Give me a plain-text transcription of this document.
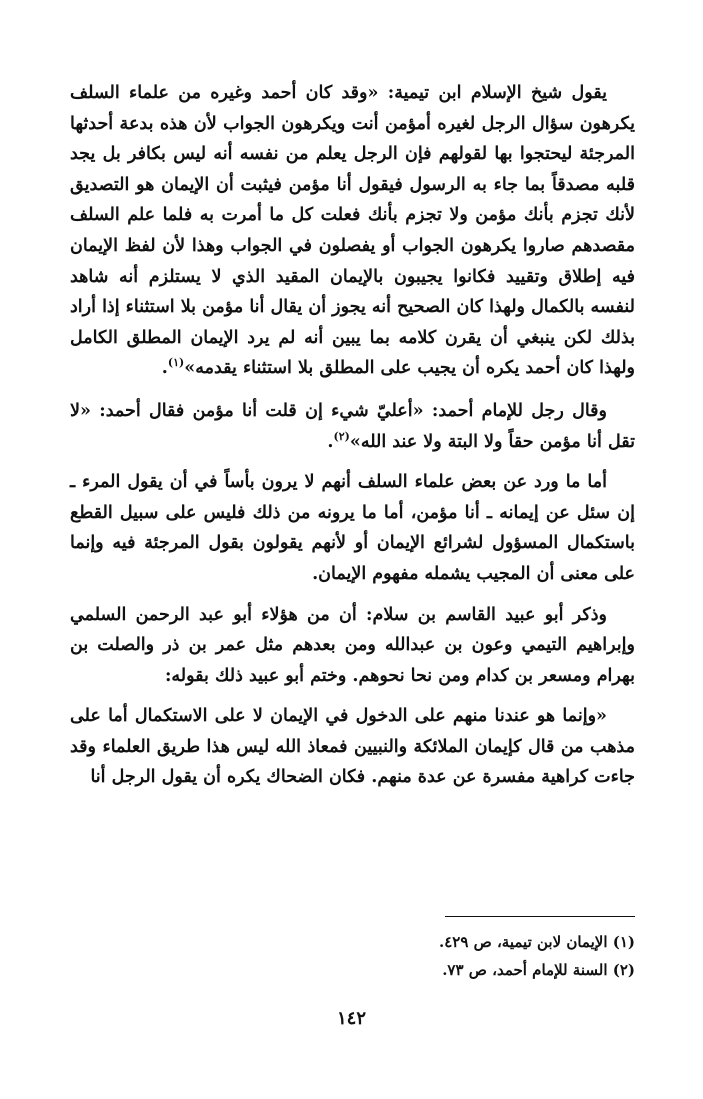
يقول شيخ الإسلام ابن تيمية: «وقد كان أحمد وغيره من علماء السلف يكرهون سؤال الرجل لغيره أمؤمن أنت ويكرهون الجواب لأن هذه بدعة أحدثها المرجئة ليحتجوا بها لقولهم فإن الرجل يعلم من نفسه أنه ليس بكافر بل يجد قلبه مصدقاً بما جاء به الرسول فيقول أنا مؤمن فيثبت أن الإيمان هو التصديق لأنك تجزم بأنك مؤمن ولا تجزم بأنك فعلت كل ما أمرت به فلما علم السلف مقصدهم صاروا يكرهون الجواب أو يفصلون في الجواب وهذا لأن لفظ الإيمان فيه إطلاق وتقييد فكانوا يجيبون بالإيمان المقيد الذي لا يستلزم أنه شاهد لنفسه بالكمال ولهذا كان الصحيح أنه يجوز أن يقال أنا مؤمن بلا استثناء إذا أراد بذلك لكن ينبغي أن يقرن كلامه بما يبين أنه لم يرد الإيمان المطلق الكامل ولهذا كان أحمد يكره أن يجيب على المطلق بلا استثناء يقدمه»$^{(١)}$.

وقال رجل للإمام أحمد: «أعليّ شيء إن قلت أنا مؤمن فقال أحمد: «لا تقل أنا مؤمن حقاً ولا البتة ولا عند الله»$^{(٢)}$.

أما ما ورد عن بعض علماء السلف أنهم لا يرون بأساً في أن يقول المرء ـ إن سئل عن إيمانه ـ أنا مؤمن، أما ما يرونه من ذلك فليس على سبيل القطع باستكمال المسؤول لشرائع الإيمان أو لأنهم يقولون بقول المرجئة فيه وإنما على معنى أن المجيب يشمله مفهوم الإيمان.

وذكر أبو عبيد القاسم بن سلام: أن من هؤلاء أبو عبد الرحمن السلمي وإبراهيم التيمي وعون بن عبدالله ومن بعدهم مثل عمر بن ذر والصلت بن بهرام ومسعر بن كدام ومن نحا نحوهم. وختم أبو عبيد ذلك بقوله:

«وإنما هو عندنا منهم على الدخول في الإيمان لا على الاستكمال أما على مذهب من قال كإيمان الملائكة والنبيين فمعاذ الله ليس هذا طريق العلماء وقد جاءت كراهية مفسرة عن عدة منهم. فكان الضحاك يكره أن يقول الرجل أنا

(١) الإيمان لابن تيمية، ص ٤٢٩.
(٢) السنة للإمام أحمد، ص ٧٣.
١٤٢
